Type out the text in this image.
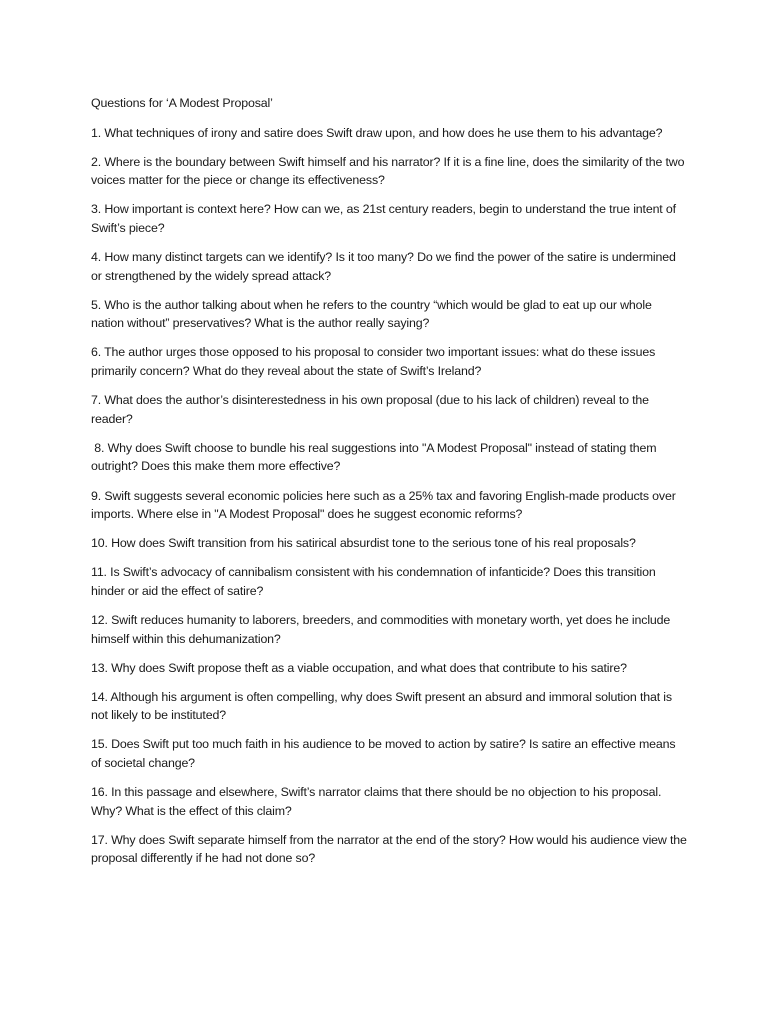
Questions for ‘A Modest Proposal’

1. What techniques of irony and satire does Swift draw upon, and how does he use them to his advantage?

2. Where is the boundary between Swift himself and his narrator? If it is a fine line, does the similarity of the two voices matter for the piece or change its effectiveness?

3. How important is context here? How can we, as 21st century readers, begin to understand the true intent of Swift’s piece?

4. How many distinct targets can we identify? Is it too many? Do we find the power of the satire is undermined or strengthened by the widely spread attack?

5. Who is the author talking about when he refers to the country “which would be glad to eat up our whole nation without” preservatives? What is the author really saying?

6. The author urges those opposed to his proposal to consider two important issues: what do these issues primarily concern? What do they reveal about the state of Swift’s Ireland?

7. What does the author’s disinterestedness in his own proposal (due to his lack of children) reveal to the reader?

8. Why does Swift choose to bundle his real suggestions into "A Modest Proposal" instead of stating them outright? Does this make them more effective?

9. Swift suggests several economic policies here such as a 25% tax and favoring English-made products over imports. Where else in "A Modest Proposal" does he suggest economic reforms?

10. How does Swift transition from his satirical absurdist tone to the serious tone of his real proposals?

11. Is Swift’s advocacy of cannibalism consistent with his condemnation of infanticide? Does this transition hinder or aid the effect of satire?

12. Swift reduces humanity to laborers, breeders, and commodities with monetary worth, yet does he include himself within this dehumanization?

13. Why does Swift propose theft as a viable occupation, and what does that contribute to his satire?

14. Although his argument is often compelling, why does Swift present an absurd and immoral solution that is not likely to be instituted?

15. Does Swift put too much faith in his audience to be moved to action by satire? Is satire an effective means of societal change?

16. In this passage and elsewhere, Swift’s narrator claims that there should be no objection to his proposal. Why? What is the effect of this claim?

17. Why does Swift separate himself from the narrator at the end of the story? How would his audience view the proposal differently if he had not done so?
